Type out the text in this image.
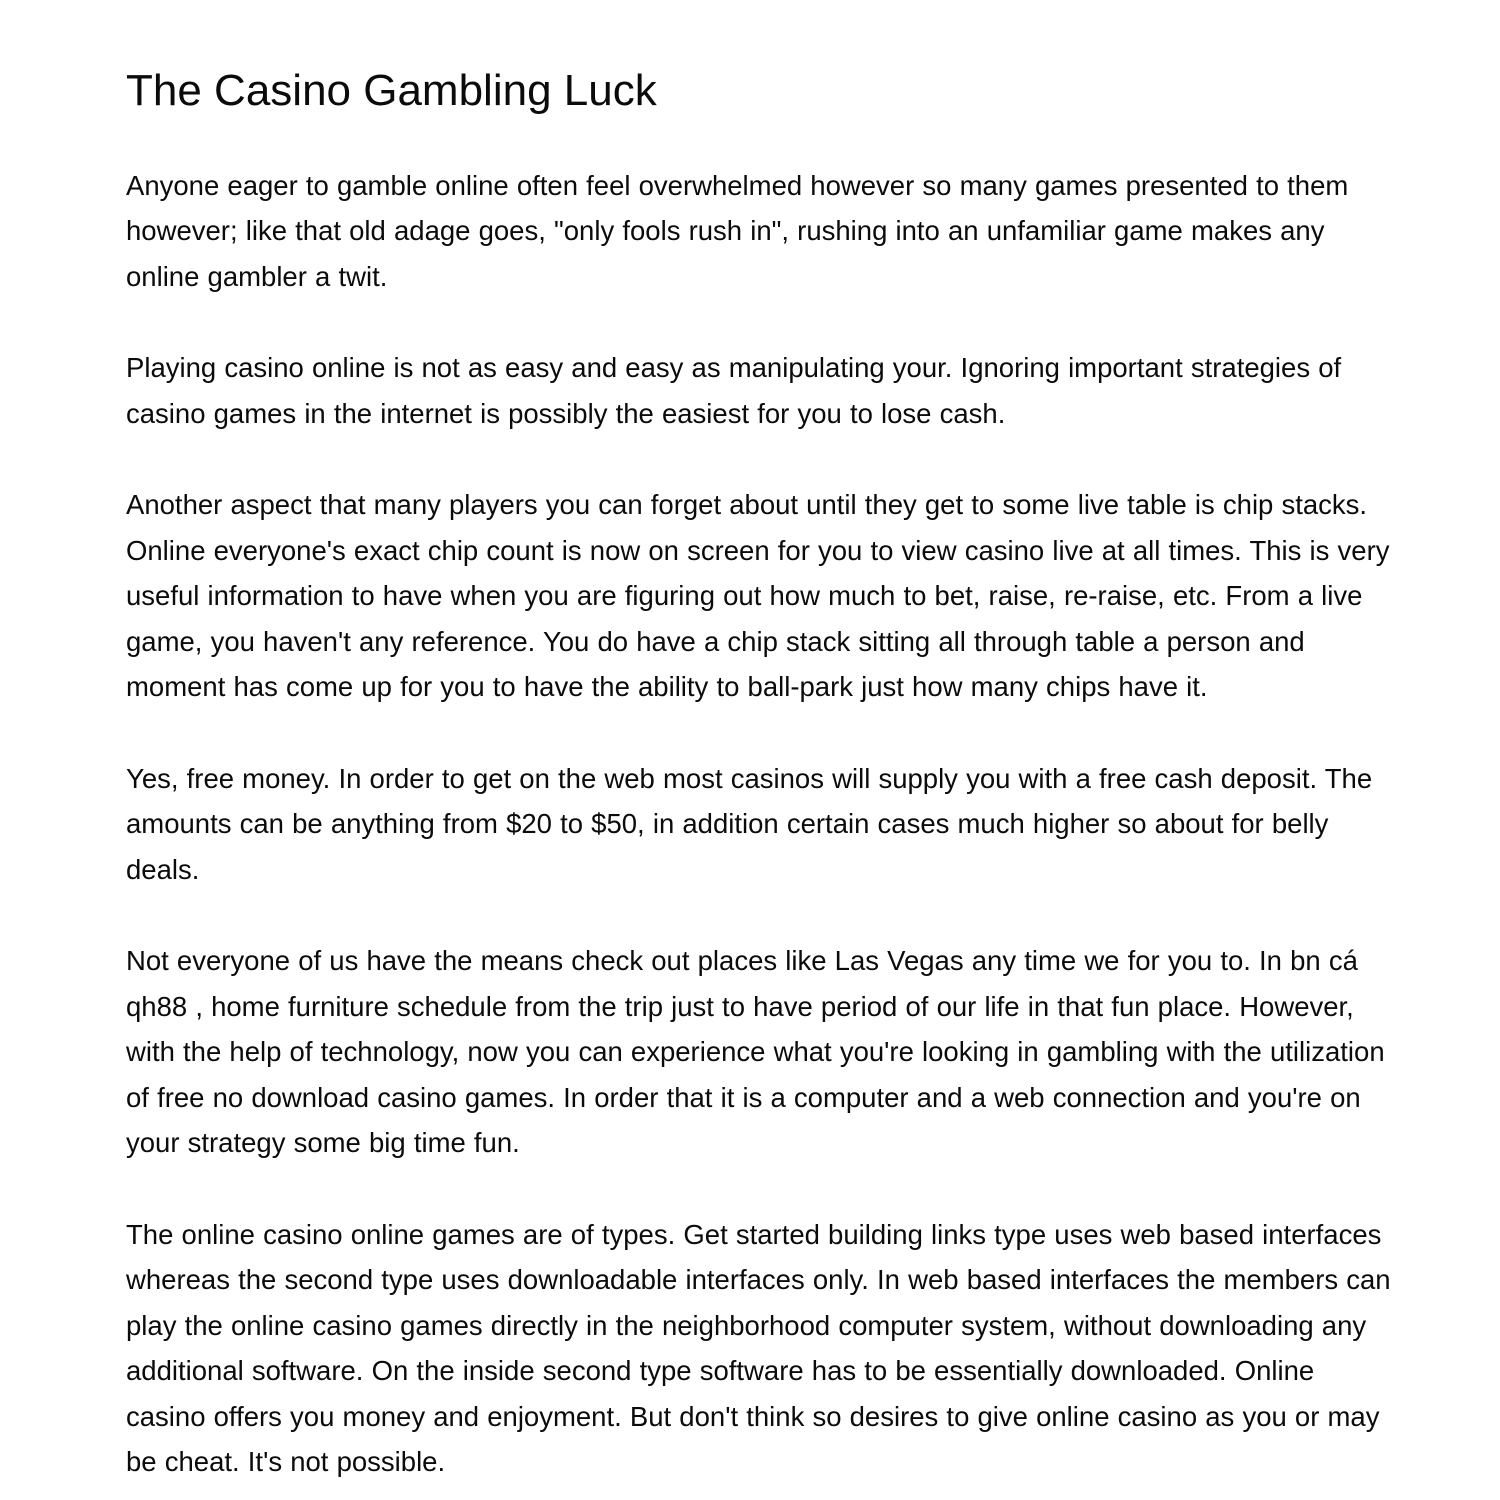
The Casino Gambling Luck

Anyone eager to gamble online often feel overwhelmed however so many games presented to them however; like that old adage goes, "only fools rush in", rushing into an unfamiliar game makes any online gambler a twit.

Playing casino online is not as easy and easy as manipulating your. Ignoring important strategies of casino games in the internet is possibly the easiest for you to lose cash.

Another aspect that many players you can forget about until they get to some live table is chip stacks. Online everyone's exact chip count is now on screen for you to view casino live at all times. This is very useful information to have when you are figuring out how much to bet, raise, re-raise, etc. From a live game, you haven't any reference. You do have a chip stack sitting all through table a person and moment has come up for you to have the ability to ball-park just how many chips have it.

Yes, free money. In order to get on the web most casinos will supply you with a free cash deposit. The amounts can be anything from $20 to $50, in addition certain cases much higher so about for belly deals.

Not everyone of us have the means check out places like Las Vegas any time we for you to. In bn cá qh88 , home furniture schedule from the trip just to have period of our life in that fun place. However, with the help of technology, now you can experience what you're looking in gambling with the utilization of free no download casino games. In order that it is a computer and a web connection and you're on your strategy some big time fun.

The online casino online games are of types. Get started building links type uses web based interfaces whereas the second type uses downloadable interfaces only. In web based interfaces the members can play the online casino games directly in the neighborhood computer system, without downloading any additional software. On the inside second type software has to be essentially downloaded. Online casino offers you money and enjoyment. But don't think so desires to give online casino as you or may be cheat. It's not possible.
